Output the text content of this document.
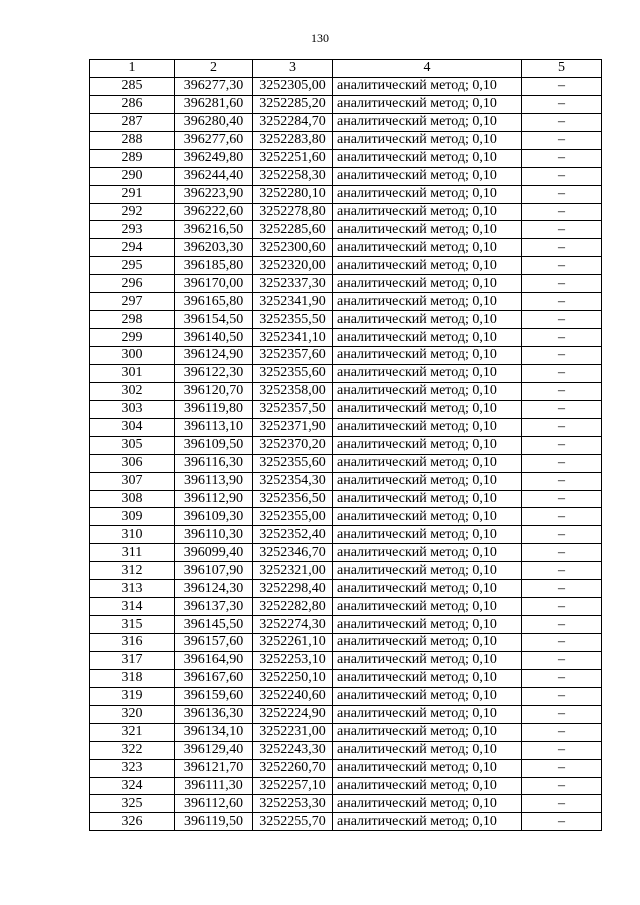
130
1	2	3	4	5
285	396277,30	3252305,00	аналитический метод; 0,10	–
286	396281,60	3252285,20	аналитический метод; 0,10	–
287	396280,40	3252284,70	аналитический метод; 0,10	–
288	396277,60	3252283,80	аналитический метод; 0,10	–
289	396249,80	3252251,60	аналитический метод; 0,10	–
290	396244,40	3252258,30	аналитический метод; 0,10	–
291	396223,90	3252280,10	аналитический метод; 0,10	–
292	396222,60	3252278,80	аналитический метод; 0,10	–
293	396216,50	3252285,60	аналитический метод; 0,10	–
294	396203,30	3252300,60	аналитический метод; 0,10	–
295	396185,80	3252320,00	аналитический метод; 0,10	–
296	396170,00	3252337,30	аналитический метод; 0,10	–
297	396165,80	3252341,90	аналитический метод; 0,10	–
298	396154,50	3252355,50	аналитический метод; 0,10	–
299	396140,50	3252341,10	аналитический метод; 0,10	–
300	396124,90	3252357,60	аналитический метод; 0,10	–
301	396122,30	3252355,60	аналитический метод; 0,10	–
302	396120,70	3252358,00	аналитический метод; 0,10	–
303	396119,80	3252357,50	аналитический метод; 0,10	–
304	396113,10	3252371,90	аналитический метод; 0,10	–
305	396109,50	3252370,20	аналитический метод; 0,10	–
306	396116,30	3252355,60	аналитический метод; 0,10	–
307	396113,90	3252354,30	аналитический метод; 0,10	–
308	396112,90	3252356,50	аналитический метод; 0,10	–
309	396109,30	3252355,00	аналитический метод; 0,10	–
310	396110,30	3252352,40	аналитический метод; 0,10	–
311	396099,40	3252346,70	аналитический метод; 0,10	–
312	396107,90	3252321,00	аналитический метод; 0,10	–
313	396124,30	3252298,40	аналитический метод; 0,10	–
314	396137,30	3252282,80	аналитический метод; 0,10	–
315	396145,50	3252274,30	аналитический метод; 0,10	–
316	396157,60	3252261,10	аналитический метод; 0,10	–
317	396164,90	3252253,10	аналитический метод; 0,10	–
318	396167,60	3252250,10	аналитический метод; 0,10	–
319	396159,60	3252240,60	аналитический метод; 0,10	–
320	396136,30	3252224,90	аналитический метод; 0,10	–
321	396134,10	3252231,00	аналитический метод; 0,10	–
322	396129,40	3252243,30	аналитический метод; 0,10	–
323	396121,70	3252260,70	аналитический метод; 0,10	–
324	396111,30	3252257,10	аналитический метод; 0,10	–
325	396112,60	3252253,30	аналитический метод; 0,10	–
326	396119,50	3252255,70	аналитический метод; 0,10	–
